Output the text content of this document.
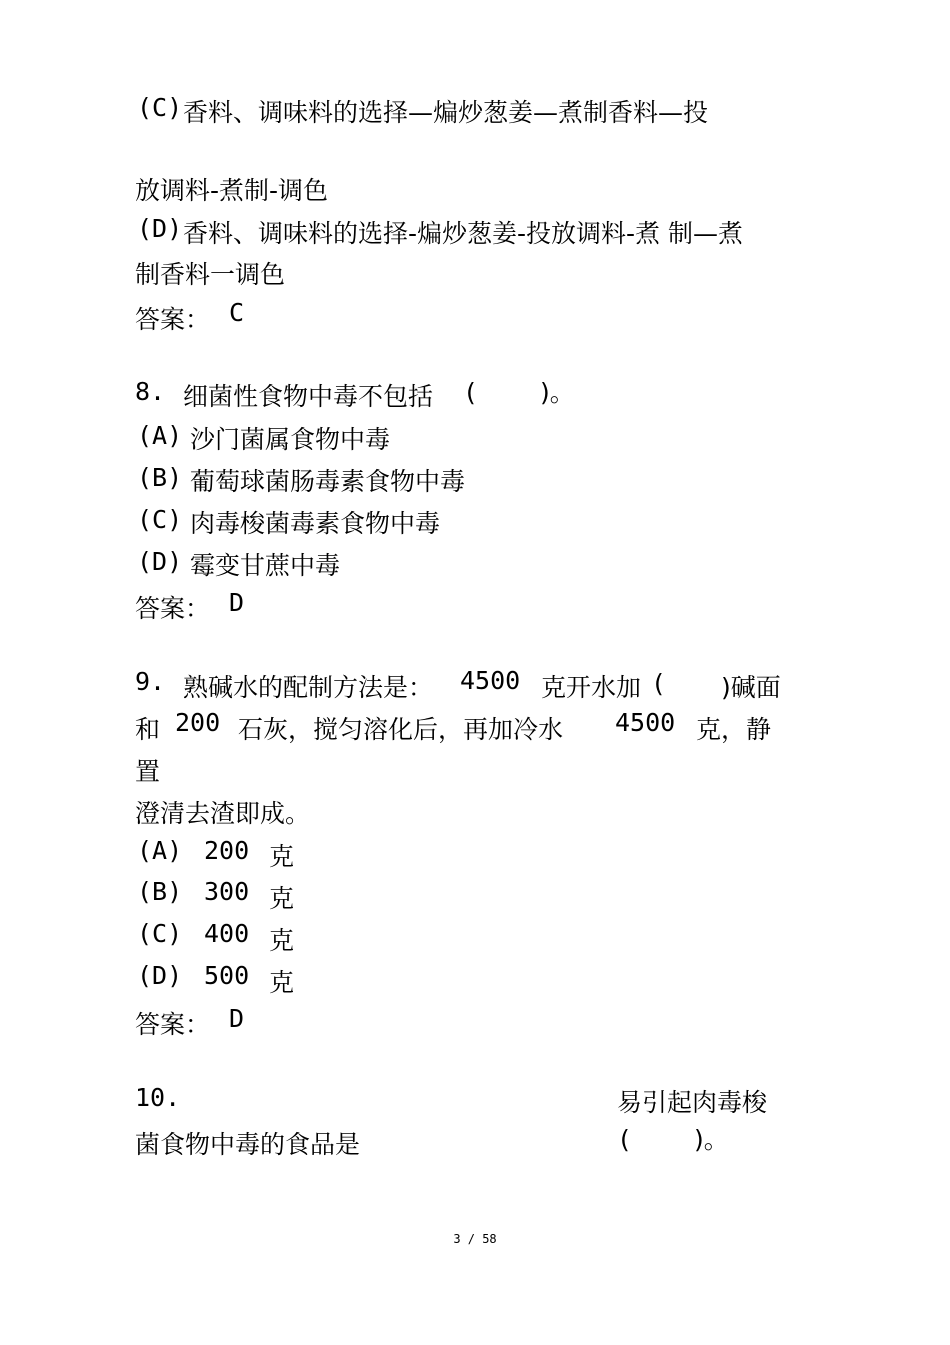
(C) 香料、调味料的选择—煸炒葱姜—煮制香料—投
放调料-煮制-调色
(D) 香料、调味料的选择-煸炒葱姜-投放调料-煮 制—煮
制香料一调色
答案： C
8. 细菌性食物中毒不包括 (	)。
(A) 沙门菌属食物中毒
(B) 葡萄球菌肠毒素食物中毒
(C) 肉毒梭菌毒素食物中毒
(D) 霉变甘蔗中毒
答案： D
9. 熟碱水的配制方法是： 4500 克开水加 ( )碱面
和 200 石灰，搅匀溶化后，再加冷水 4500 克，静
置
澄清去渣即成。
(A) 200 克
(B) 300 克
(C) 400 克
(D) 500 克
答案： D
10.	易引起肉毒梭
菌食物中毒的食品是	(	)。
3 / 58
